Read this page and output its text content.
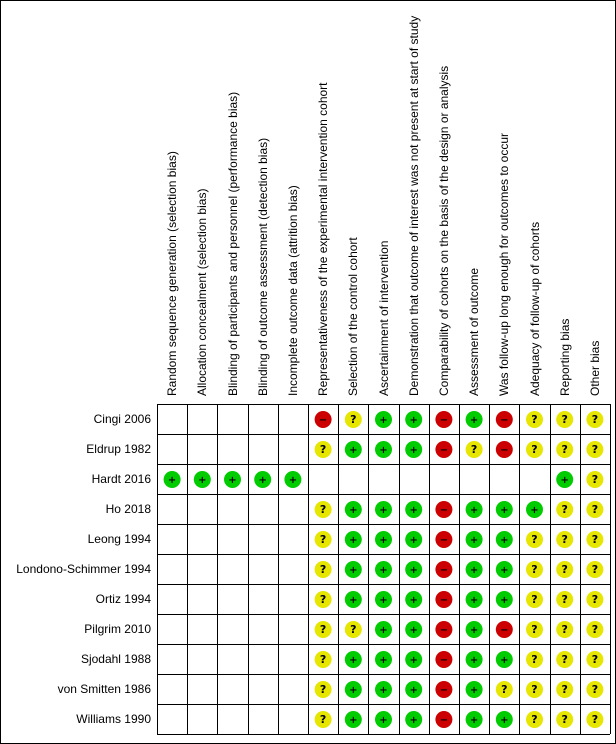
Random sequence generation (selection bias) Allocation concealment (selection bias) Blinding of participants and personnel (performance bias) Blinding of outcome assessment (detection bias) Incomplete outcome data (attrition bias) Representativeness of the experimental intervention cohort Selection of the control cohort Ascertainment of intervention Demonstration that outcome of interest was not present at start of study Comparability of cohorts on the basis of the design or analysis Assessment of outcome Was follow-up long enough for outcomes to occur Adequacy of follow-up of cohorts Reporting bias Other bias
Cingi 2006
Eldrup 1982
Hardt 2016
Ho 2018
Leong 1994
Londono-Schimmer 1994
Ortiz 1994
Pilgrim 2010
Sjodahl 1988
von Smitten 1986
Williams 1990
− ? + + − + − ? ? ?
? + + + − ? − ? ? ?
+ + + + +	+ ?
? + + + − + + + ? ?
? + + + − + + ? ? ?
? + + + − + + ? ? ?
? + + + − + + ? ? ?
? ? + + − + − ? ? ?
? + + + − + + ? ? ?
? + + + − + ? ? ? ?
? + + + − + + ? ? ?
